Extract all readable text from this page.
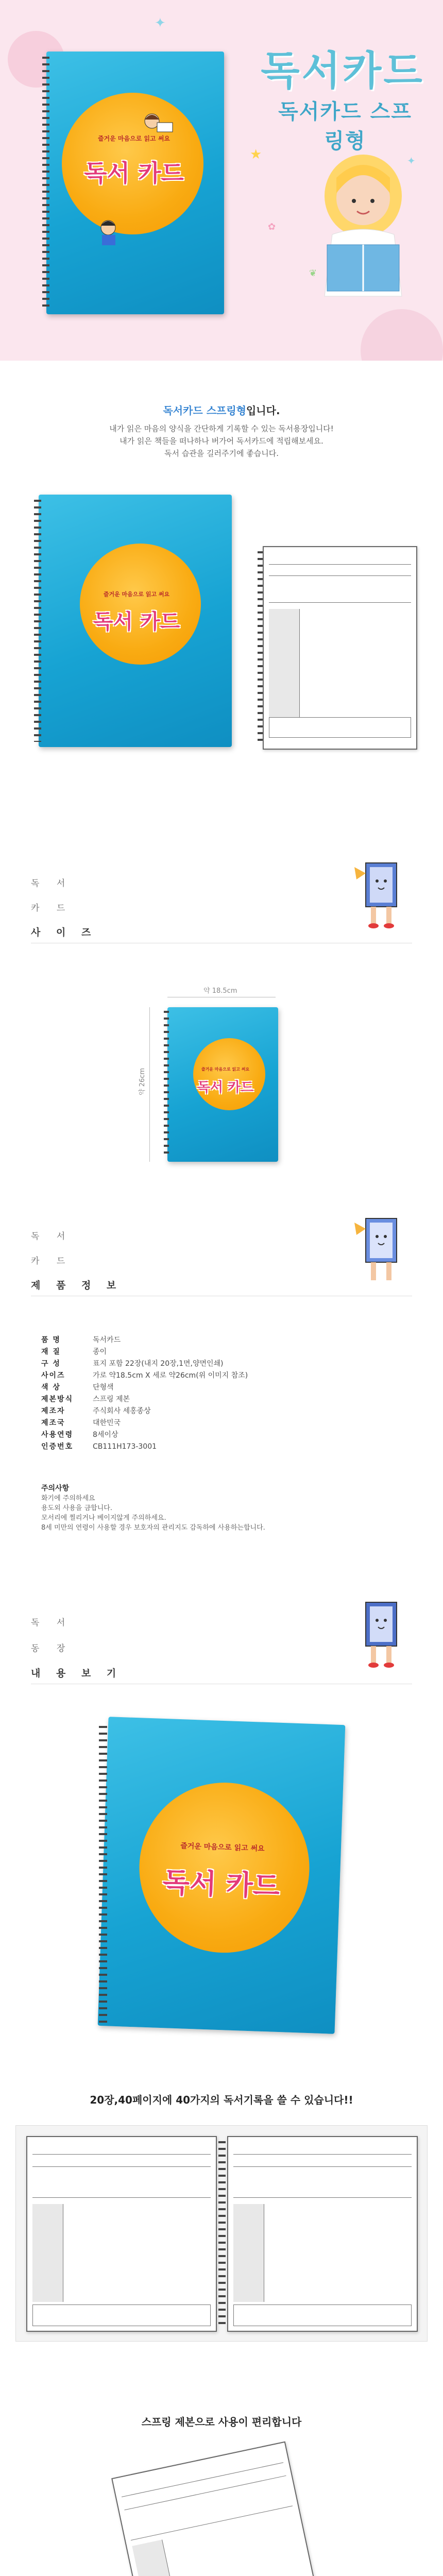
✦
★	✦
✿
❦
즐거운 마음으로 읽고 써요
독서 카드
독서카드
독서카드 스프링형
독서카드 스프링형입니다.
내가 읽은 마음의 양식을 간단하게 기록할 수 있는 독서용장입니다!
내가 읽은 책들을 떠나하나 버가어 독서카드에 적립해보세요.
독서 습관을 길러주기에 좋습니다.
즐거운 마음으로 읽고 써요
독서 카드
독 서
카 드
사 이 즈
약 18.5cm
약 26cm	즐거운 마음으로 읽고 써요
독서 카드
독 서
카 드
제 품 정 보
품 명	독서카드
재 질	종이
구 성	표지 포함 22장(내지 20장,1면,양면인쇄)
사이즈	가로 약18.5cm X 세로 약26cm(위 이미지 참조)
색 상	단형색
제본방식	스프링 제본
제조자	주식회사 세홍종상
제조국	대한민국
사용연령	8세이상
인증번호	CB111H173-3001
주의사항
화기에 주의하세요
용도외 사용을 금합니다.
모서리에 찔리거나 베이지않게 주의하세요.
8세 미만의 연령이 사용할 경우 보호자의 관리지도 감독하에 사용하는합니다.
독 서
동 장
내 용 보 기
즐거운 마음으로 읽고 써요
독서 카드
20장,40페이지에 40가지의 독서기록을 쓸 수 있습니다!!
스프링 제본으로 사용이 편리합니다
